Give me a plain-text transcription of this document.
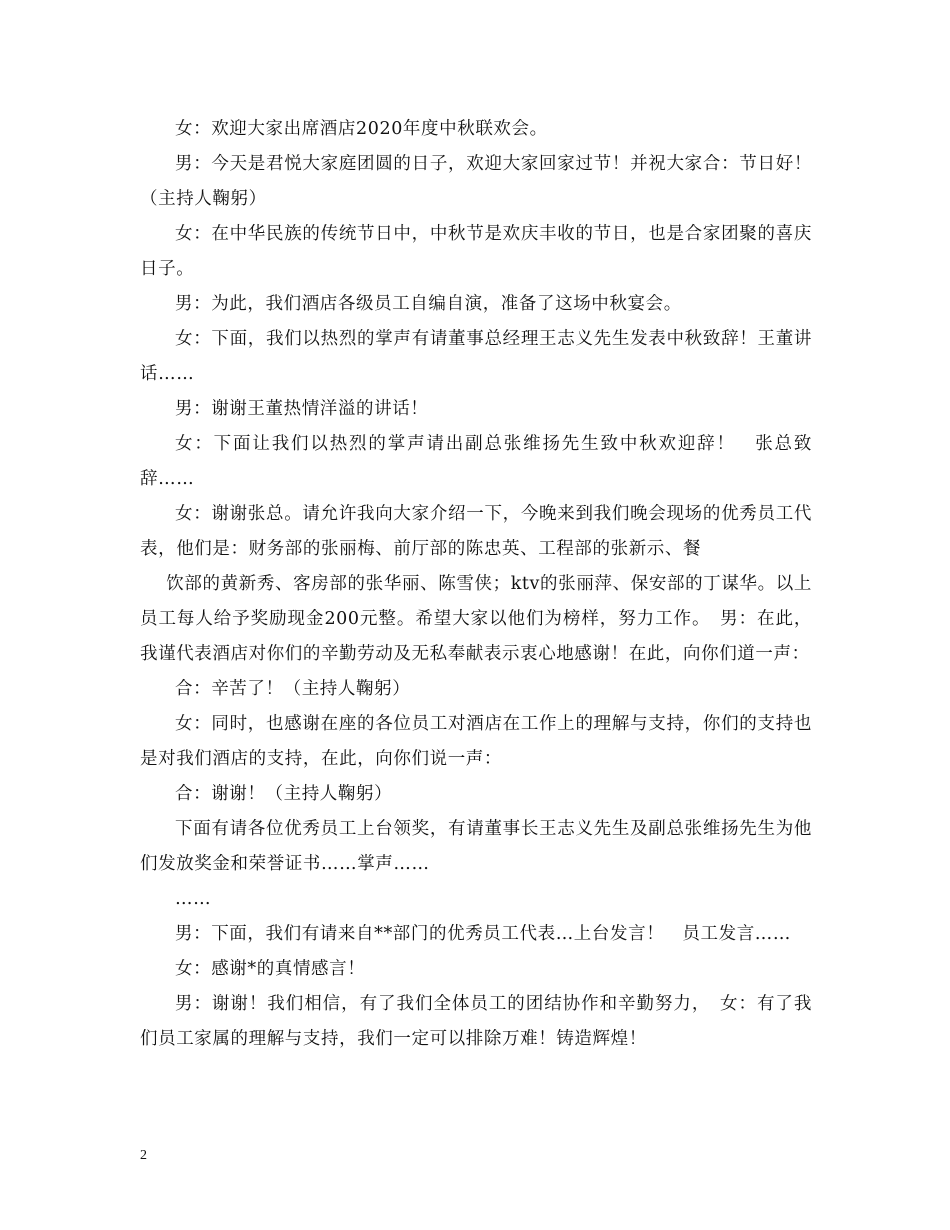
女：欢迎大家出席酒店2020年度中秋联欢会。

男：今天是君悦大家庭团圆的日子，欢迎大家回家过节！并祝大家合：节日好！（主持人鞠躬）

女：在中华民族的传统节日中，中秋节是欢庆丰收的节日，也是合家团聚的喜庆日子。

男：为此，我们酒店各级员工自编自演，准备了这场中秋宴会。

女：下面，我们以热烈的掌声有请董事总经理王志义先生发表中秋致辞！王董讲话……

男：谢谢王董热情洋溢的讲话！

女：下面让我们以热烈的掌声请出副总张维扬先生致中秋欢迎辞！　张总致辞……

女：谢谢张总。请允许我向大家介绍一下，今晚来到我们晚会现场的优秀员工代表，他们是：财务部的张丽梅、前厅部的陈忠英、工程部的张新示、餐

饮部的黄新秀、客房部的张华丽、陈雪侠；ktv的张丽萍、保安部的丁谋华。以上员工每人给予奖励现金200元整。希望大家以他们为榜样，努力工作。　男：在此，我谨代表酒店对你们的辛勤劳动及无私奉献表示衷心地感谢！在此，向你们道一声：

合：辛苦了！（主持人鞠躬）

女：同时，也感谢在座的各位员工对酒店在工作上的理解与支持，你们的支持也是对我们酒店的支持，在此，向你们说一声：

合：谢谢！（主持人鞠躬）

下面有请各位优秀员工上台领奖，有请董事长王志义先生及副总张维扬先生为他们发放奖金和荣誉证书……掌声……

……

男：下面，我们有请来自**部门的优秀员工代表…上台发言！　员工发言……

女：感谢*的真情感言！

男：谢谢！我们相信，有了我们全体员工的团结协作和辛勤努力，　女：有了我们员工家属的理解与支持，我们一定可以排除万难！铸造辉煌！

2
